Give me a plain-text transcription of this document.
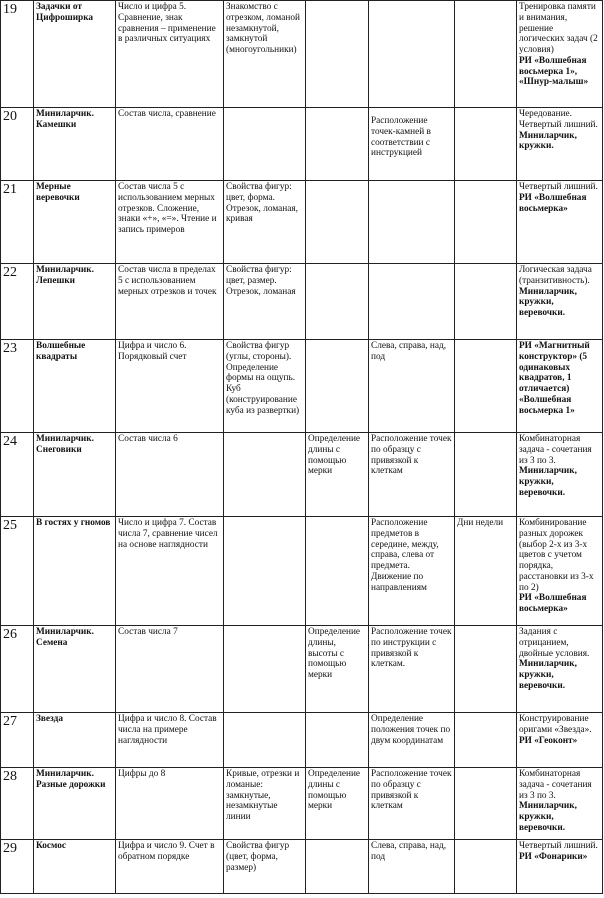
19	Задачки от Цифроширка	Число и цифра 5. Сравнение, знак сравнения – применение в различных ситуациях	Знакомство с отрезком, ломаной незамкнутой, замкнутой (многоугольники)				Тренировка памяти и внимания, решение логических задач (2 условия)
РИ «Волшебная восьмерка 1», «Шнур-малыш»

20	Миниларчик. Камешки	Состав числа, сравнение			Расположение точек-камней в соответствии с инструкцией		Чередование. Четвертый лишний.
Миниларчик, кружки.

21	Мерные веревочки	Состав числа 5 с использованием мерных отрезков. Сложение, знаки «+», «=». Чтение и запись примеров	Свойства фигур: цвет, форма. Отрезок, ломаная, кривая				Четвертый лишний.
РИ «Волшебная восьмерка»

22	Миниларчик. Лепешки	Состав числа в пределах 5 с использованием мерных отрезков и точек	Свойства фигур: цвет, размер. Отрезок, ломаная				Логическая задача (транзитивность).
Миниларчик, кружки, веревочки.

23	Волшебные квадраты	Цифра и число 6. Порядковый счет	Свойства фигур (углы, стороны). Определение формы на ощупь. Куб (конструирование куба из развертки)		Слева, справа, над, под		РИ «Магнитный конструктор» (5 одинаковых квадратов, 1 отличается) «Волшебная восьмерка 1»

24	Миниларчик. Снеговики	Состав числа 6		Определение длины с помощью мерки	Расположение точек по образцу с привязкой к клеткам		Комбинаторная задача - сочетания из 3 по 3.
Миниларчик, кружки, веревочки.

25	В гостях у гномов	Число и цифра 7. Состав числа 7, сравнение чисел на основе наглядности			Расположение предметов в середине, между, справа, слева от предмета. Движение по направлениям	Дни недели	Комбинирование разных дорожек (выбор 2-х из 3-х цветов с учетом порядка, расстановки из 3-х по 2)
РИ «Волшебная восьмерка»

26	Миниларчик. Семена	Состав числа 7		Определение длины, высоты с помощью мерки	Расположение точек по инструкции с привязкой к клеткам.		Задания с отрицанием, двойные условия.
Миниларчик, кружки, веревочки.

27	Звезда	Цифра и число 8. Состав числа на примере наглядности			Определение положения точек по двум координатам		Конструирование оригами «Звезда».
РИ «Геоконт»

28	Миниларчик. Разные дорожки	Цифры до 8	Кривые, отрезки и ломаные: замкнутые, незамкнутые линии	Определение длины с помощью мерки	Расположение точек по образцу с привязкой к клеткам		Комбинаторная задача - сочетания из 3 по 3.
Миниларчик, кружки, веревочки.

29	Космос	Цифра и число 9. Счет в обратном порядке	Свойства фигур (цвет, форма, размер)		Слева, справа, над, под		Четвертый лишний.
РИ «Фонарики»
